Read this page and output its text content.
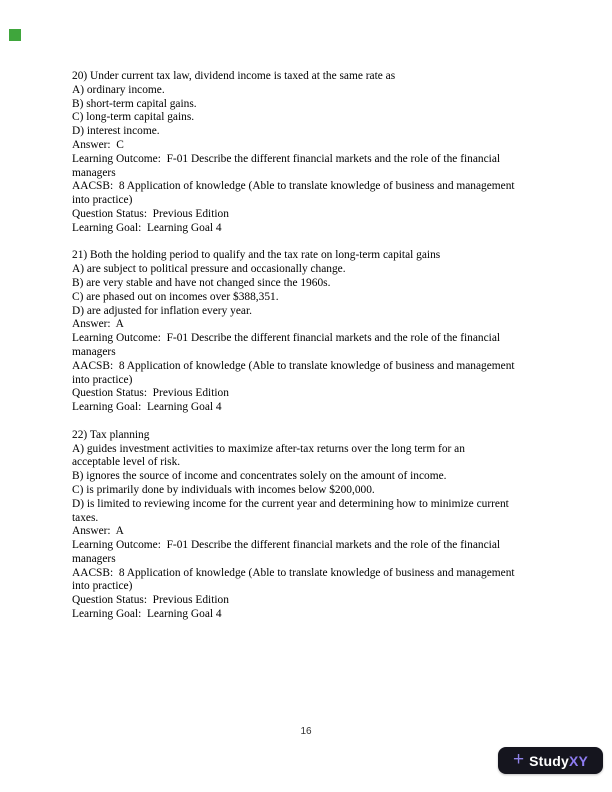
20) Under current tax law, dividend income is taxed at the same rate as
A) ordinary income.
B) short-term capital gains.
C) long-term capital gains.
D) interest income.
Answer:  C
Learning Outcome:  F-01 Describe the different financial markets and the role of the financial
managers
AACSB:  8 Application of knowledge (Able to translate knowledge of business and management
into practice)
Question Status:  Previous Edition
Learning Goal:  Learning Goal 4
21) Both the holding period to qualify and the tax rate on long-term capital gains
A) are subject to political pressure and occasionally change.
B) are very stable and have not changed since the 1960s.
C) are phased out on incomes over $388,351.
D) are adjusted for inflation every year.
Answer:  A
Learning Outcome:  F-01 Describe the different financial markets and the role of the financial
managers
AACSB:  8 Application of knowledge (Able to translate knowledge of business and management
into practice)
Question Status:  Previous Edition
Learning Goal:  Learning Goal 4
22) Tax planning
A) guides investment activities to maximize after-tax returns over the long term for an
acceptable level of risk.
B) ignores the source of income and concentrates solely on the amount of income.
C) is primarily done by individuals with incomes below $200,000.
D) is limited to reviewing income for the current year and determining how to minimize current
taxes.
Answer:  A
Learning Outcome:  F-01 Describe the different financial markets and the role of the financial
managers
AACSB:  8 Application of knowledge (Able to translate knowledge of business and management
into practice)
Question Status:  Previous Edition
Learning Goal:  Learning Goal 4
16
+ StudyXY
